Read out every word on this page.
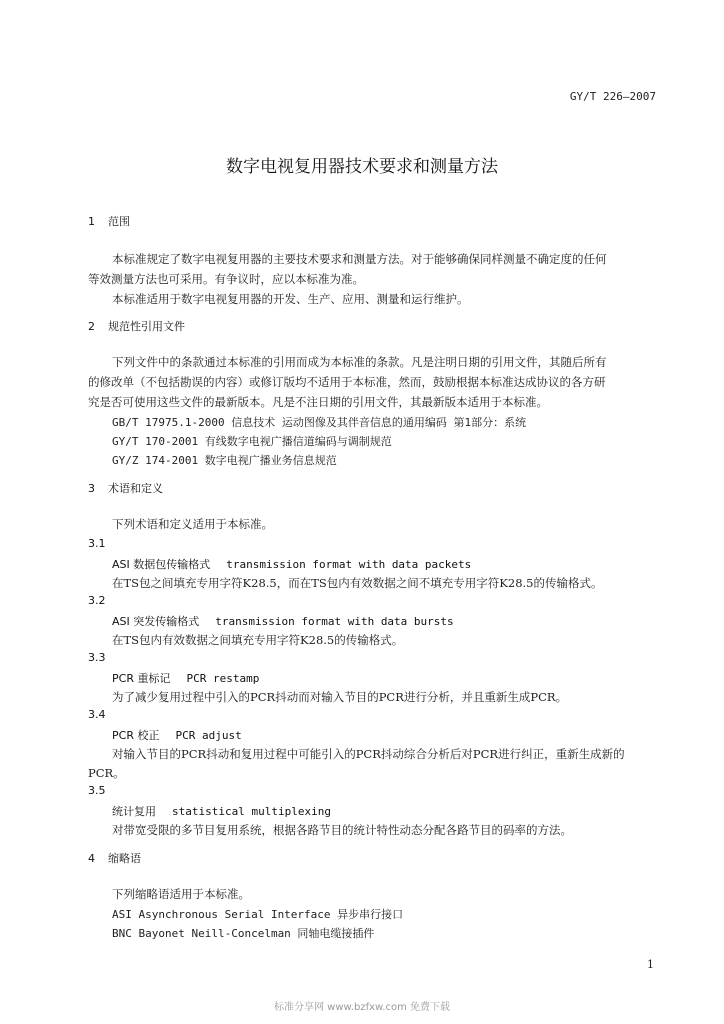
GY/T 226—2007
数字电视复用器技术要求和测量方法
1 范围
本标准规定了数字电视复用器的主要技术要求和测量方法。对于能够确保同样测量不确定度的任何
等效测量方法也可采用。有争议时，应以本标准为准。
本标准适用于数字电视复用器的开发、生产、应用、测量和运行维护。
2 规范性引用文件
下列文件中的条款通过本标准的引用而成为本标准的条款。凡是注明日期的引用文件，其随后所有
的修改单（不包括勘误的内容）或修订版均不适用于本标准，然而，鼓励根据本标准达成协议的各方研
究是否可使用这些文件的最新版本。凡是不注日期的引用文件，其最新版本适用于本标准。
GB/T 17975.1-2000 信息技术 运动图像及其伴音信息的通用编码 第1部分：系统
GY/T 170-2001 有线数字电视广播信道编码与调制规范
GY/Z 174-2001 数字电视广播业务信息规范
3 术语和定义
下列术语和定义适用于本标准。
3.1
ASI 数据包传输格式 transmission format with data packets
在TS包之间填充专用字符K28.5，而在TS包内有效数据之间不填充专用字符K28.5的传输格式。
3.2
ASI 突发传输格式 transmission format with data bursts
在TS包内有效数据之间填充专用字符K28.5的传输格式。
3.3
PCR 重标记 PCR restamp
为了减少复用过程中引入的PCR抖动而对输入节目的PCR进行分析，并且重新生成PCR。
3.4
PCR 校正 PCR adjust
对输入节目的PCR抖动和复用过程中可能引入的PCR抖动综合分析后对PCR进行纠正，重新生成新的
PCR。
3.5
统计复用 statistical multiplexing
对带宽受限的多节目复用系统，根据各路节目的统计特性动态分配各路节目的码率的方法。
4 缩略语
下列缩略语适用于本标准。
ASI Asynchronous Serial Interface 异步串行接口
BNC Bayonet Neill-Concelman 同轴电缆接插件
1
标准分享网 www.bzfxw.com 免费下载
